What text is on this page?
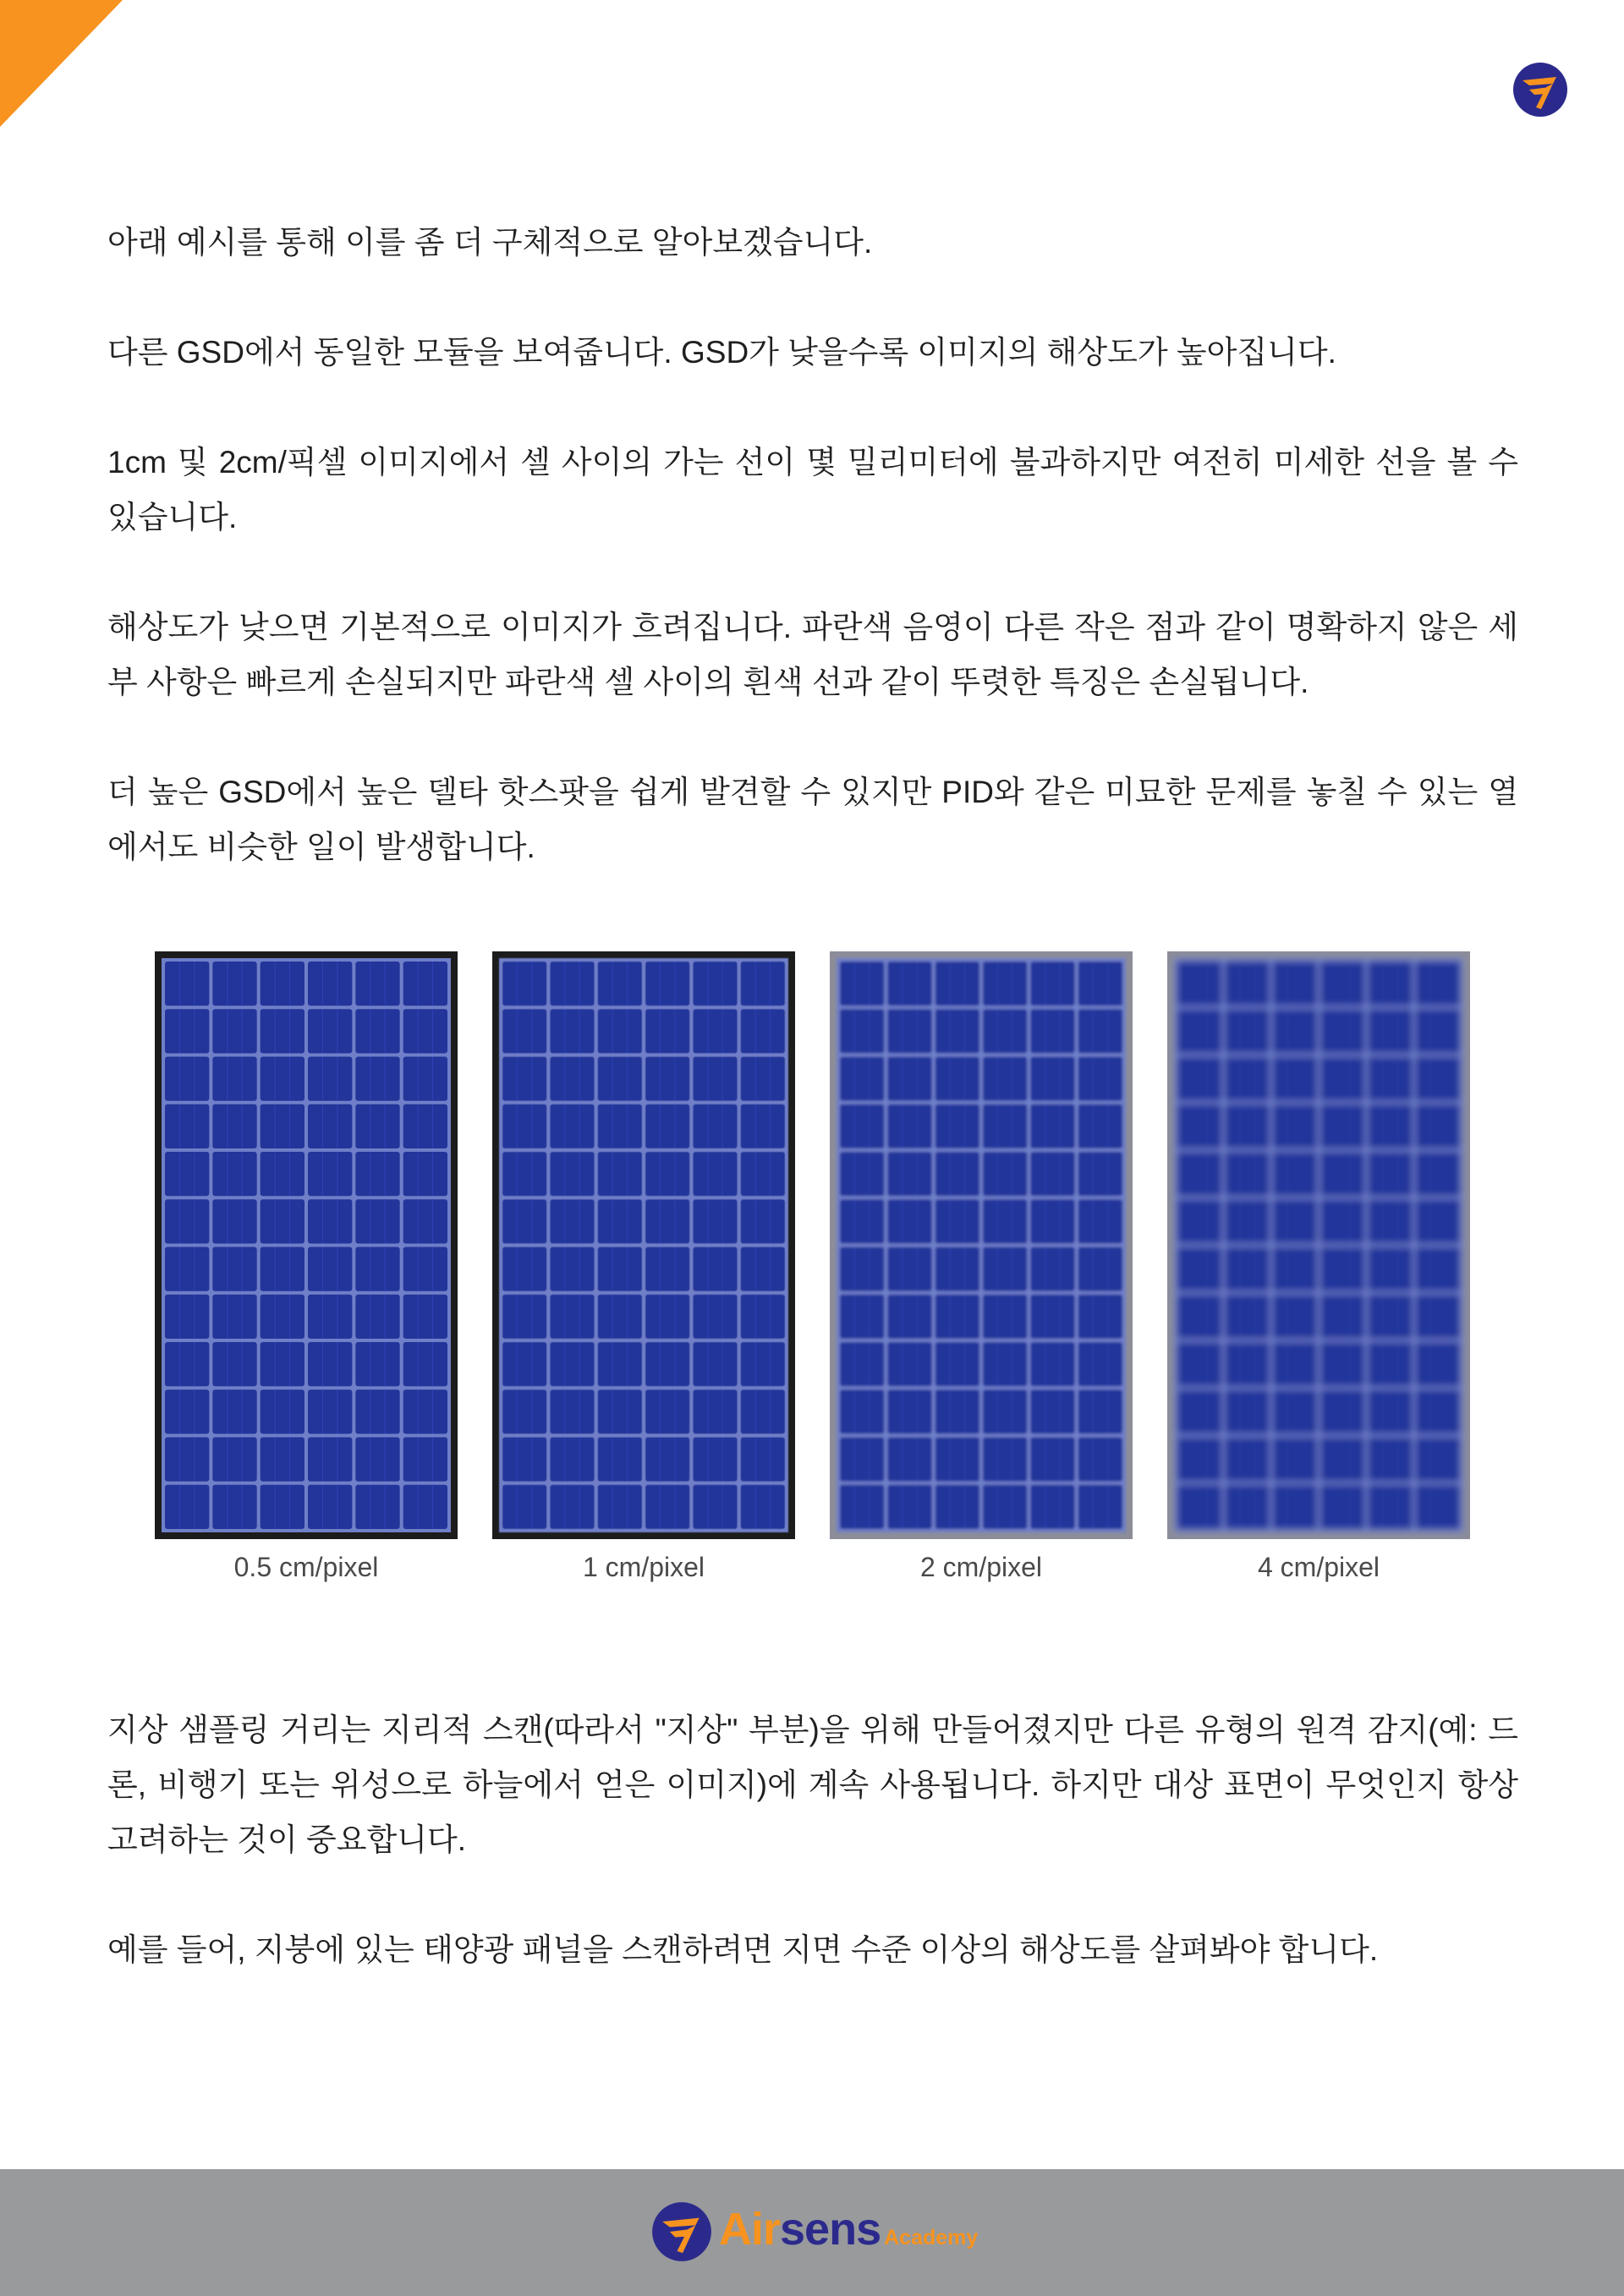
아래 예시를 통해 이를 좀 더 구체적으로 알아보겠습니다.

다른 GSD에서 동일한 모듈을 보여줍니다. GSD가 낮을수록 이미지의 해상도가 높아집니다.

1cm 및 2cm/픽셀 이미지에서 셀 사이의 가는 선이 몇 밀리미터에 불과하지만 여전히 미세한 선을 볼 수 있습니다.

해상도가 낮으면 기본적으로 이미지가 흐려집니다. 파란색 음영이 다른 작은 점과 같이 명확하지 않은 세부 사항은 빠르게 손실되지만 파란색 셀 사이의 흰색 선과 같이 뚜렷한 특징은 손실됩니다.

더 높은 GSD에서 높은 델타 핫스팟을 쉽게 발견할 수 있지만 PID와 같은 미묘한 문제를 놓칠 수 있는 열에서도 비슷한 일이 발생합니다.

0.5 cm/pixel	1 cm/pixel	2 cm/pixel	4 cm/pixel

지상 샘플링 거리는 지리적 스캔(따라서 "지상" 부분)을 위해 만들어졌지만 다른 유형의 원격 감지(예: 드론, 비행기 또는 위성으로 하늘에서 얻은 이미지)에 계속 사용됩니다. 하지만 대상 표면이 무엇인지 항상 고려하는 것이 중요합니다.

예를 들어, 지붕에 있는 태양광 패널을 스캔하려면 지면 수준 이상의 해상도를 살펴봐야 합니다.

Airsens Academy
